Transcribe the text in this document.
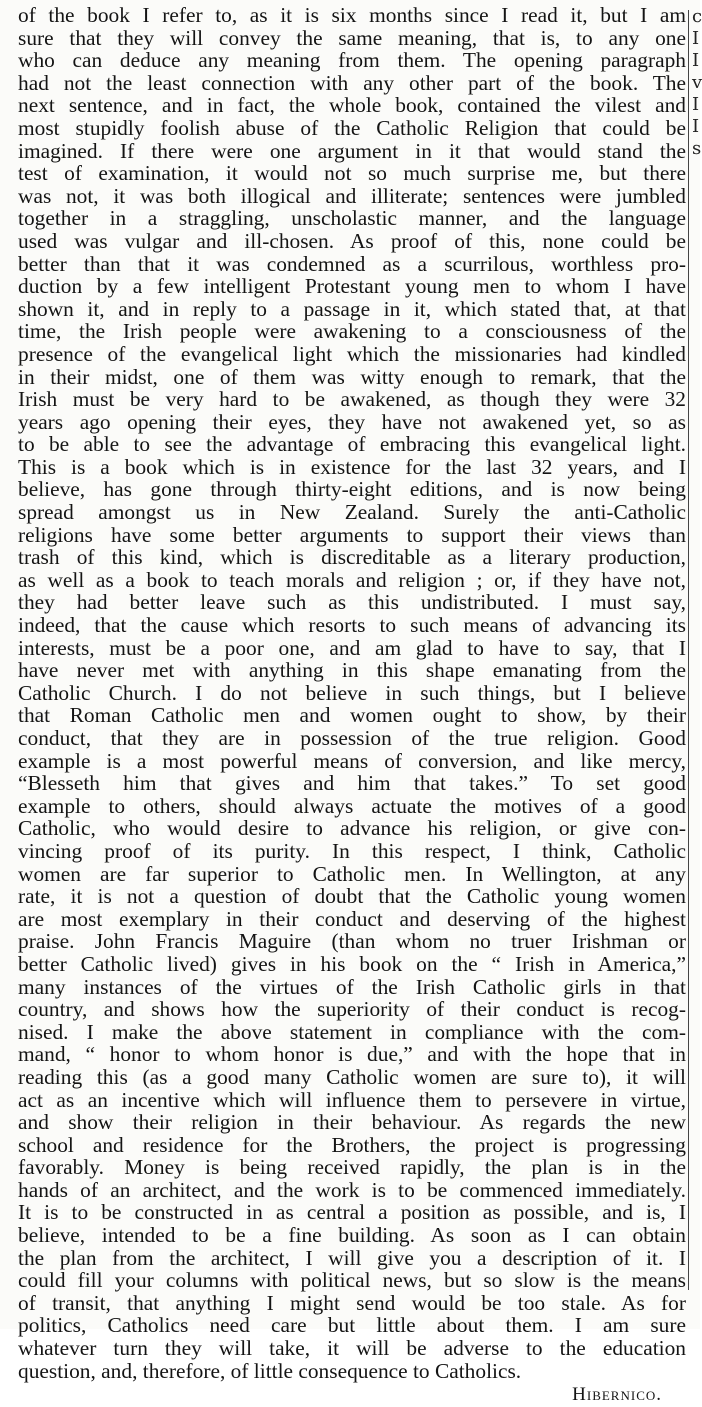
of the book I refer to, as it is six months since I read it, but I am
sure that they will convey the same meaning, that is, to any one
who can deduce any meaning from them. The opening paragraph
had not the least connection with any other part of the book. The
next sentence, and in fact, the whole book, contained the vilest and
most stupidly foolish abuse of the Catholic Religion that could be
imagined. If there were one argument in it that would stand the
test of examination, it would not so much surprise me, but there
was not, it was both illogical and illiterate; sentences were jumbled
together in a straggling, unscholastic manner, and the language
used was vulgar and ill-chosen. As proof of this, none could be
better than that it was condemned as a scurrilous, worthless pro-
duction by a few intelligent Protestant young men to whom I have
shown it, and in reply to a passage in it, which stated that, at that
time, the Irish people were awakening to a consciousness of the
presence of the evangelical light which the missionaries had kindled
in their midst, one of them was witty enough to remark, that the
Irish must be very hard to be awakened, as though they were 32
years ago opening their eyes, they have not awakened yet, so as
to be able to see the advantage of embracing this evangelical light.
This is a book which is in existence for the last 32 years, and I
believe, has gone through thirty-eight editions, and is now being
spread amongst us in New Zealand. Surely the anti-Catholic
religions have some better arguments to support their views than
trash of this kind, which is discreditable as a literary production,
as well as a book to teach morals and religion ; or, if they have not,
they had better leave such as this undistributed. I must say,
indeed, that the cause which resorts to such means of advancing its
interests, must be a poor one, and am glad to have to say, that I
have never met with anything in this shape emanating from the
Catholic Church. I do not believe in such things, but I believe
that Roman Catholic men and women ought to show, by their
conduct, that they are in possession of the true religion. Good
example is a most powerful means of conversion, and like mercy,
“Blesseth him that gives and him that takes.” To set good
example to others, should always actuate the motives of a good
Catholic, who would desire to advance his religion, or give con-
vincing proof of its purity. In this respect, I think, Catholic
women are far superior to Catholic men. In Wellington, at any
rate, it is not a question of doubt that the Catholic young women
are most exemplary in their conduct and deserving of the highest
praise. John Francis Maguire (than whom no truer Irishman or
better Catholic lived) gives in his book on the “ Irish in America,”
many instances of the virtues of the Irish Catholic girls in that
country, and shows how the superiority of their conduct is recog-
nised. I make the above statement in compliance with the com-
mand, “ honor to whom honor is due,” and with the hope that in
reading this (as a good many Catholic women are sure to), it will
act as an incentive which will influence them to persevere in virtue,
and show their religion in their behaviour. As regards the new
school and residence for the Brothers, the project is progressing
favorably. Money is being received rapidly, the plan is in the
hands of an architect, and the work is to be commenced immediately.
It is to be constructed in as central a position as possible, and is, I
believe, intended to be a fine building. As soon as I can obtain
the plan from the architect, I will give you a description of it. I
could fill your columns with political news, but so slow is the means
of transit, that anything I might send would be too stale. As for
politics, Catholics need care but little about them. I am sure
whatever turn they will take, it will be adverse to the education
question, and, therefore, of little consequence to Catholics.
Hibernico.
c
I
I
v
I
I
s
